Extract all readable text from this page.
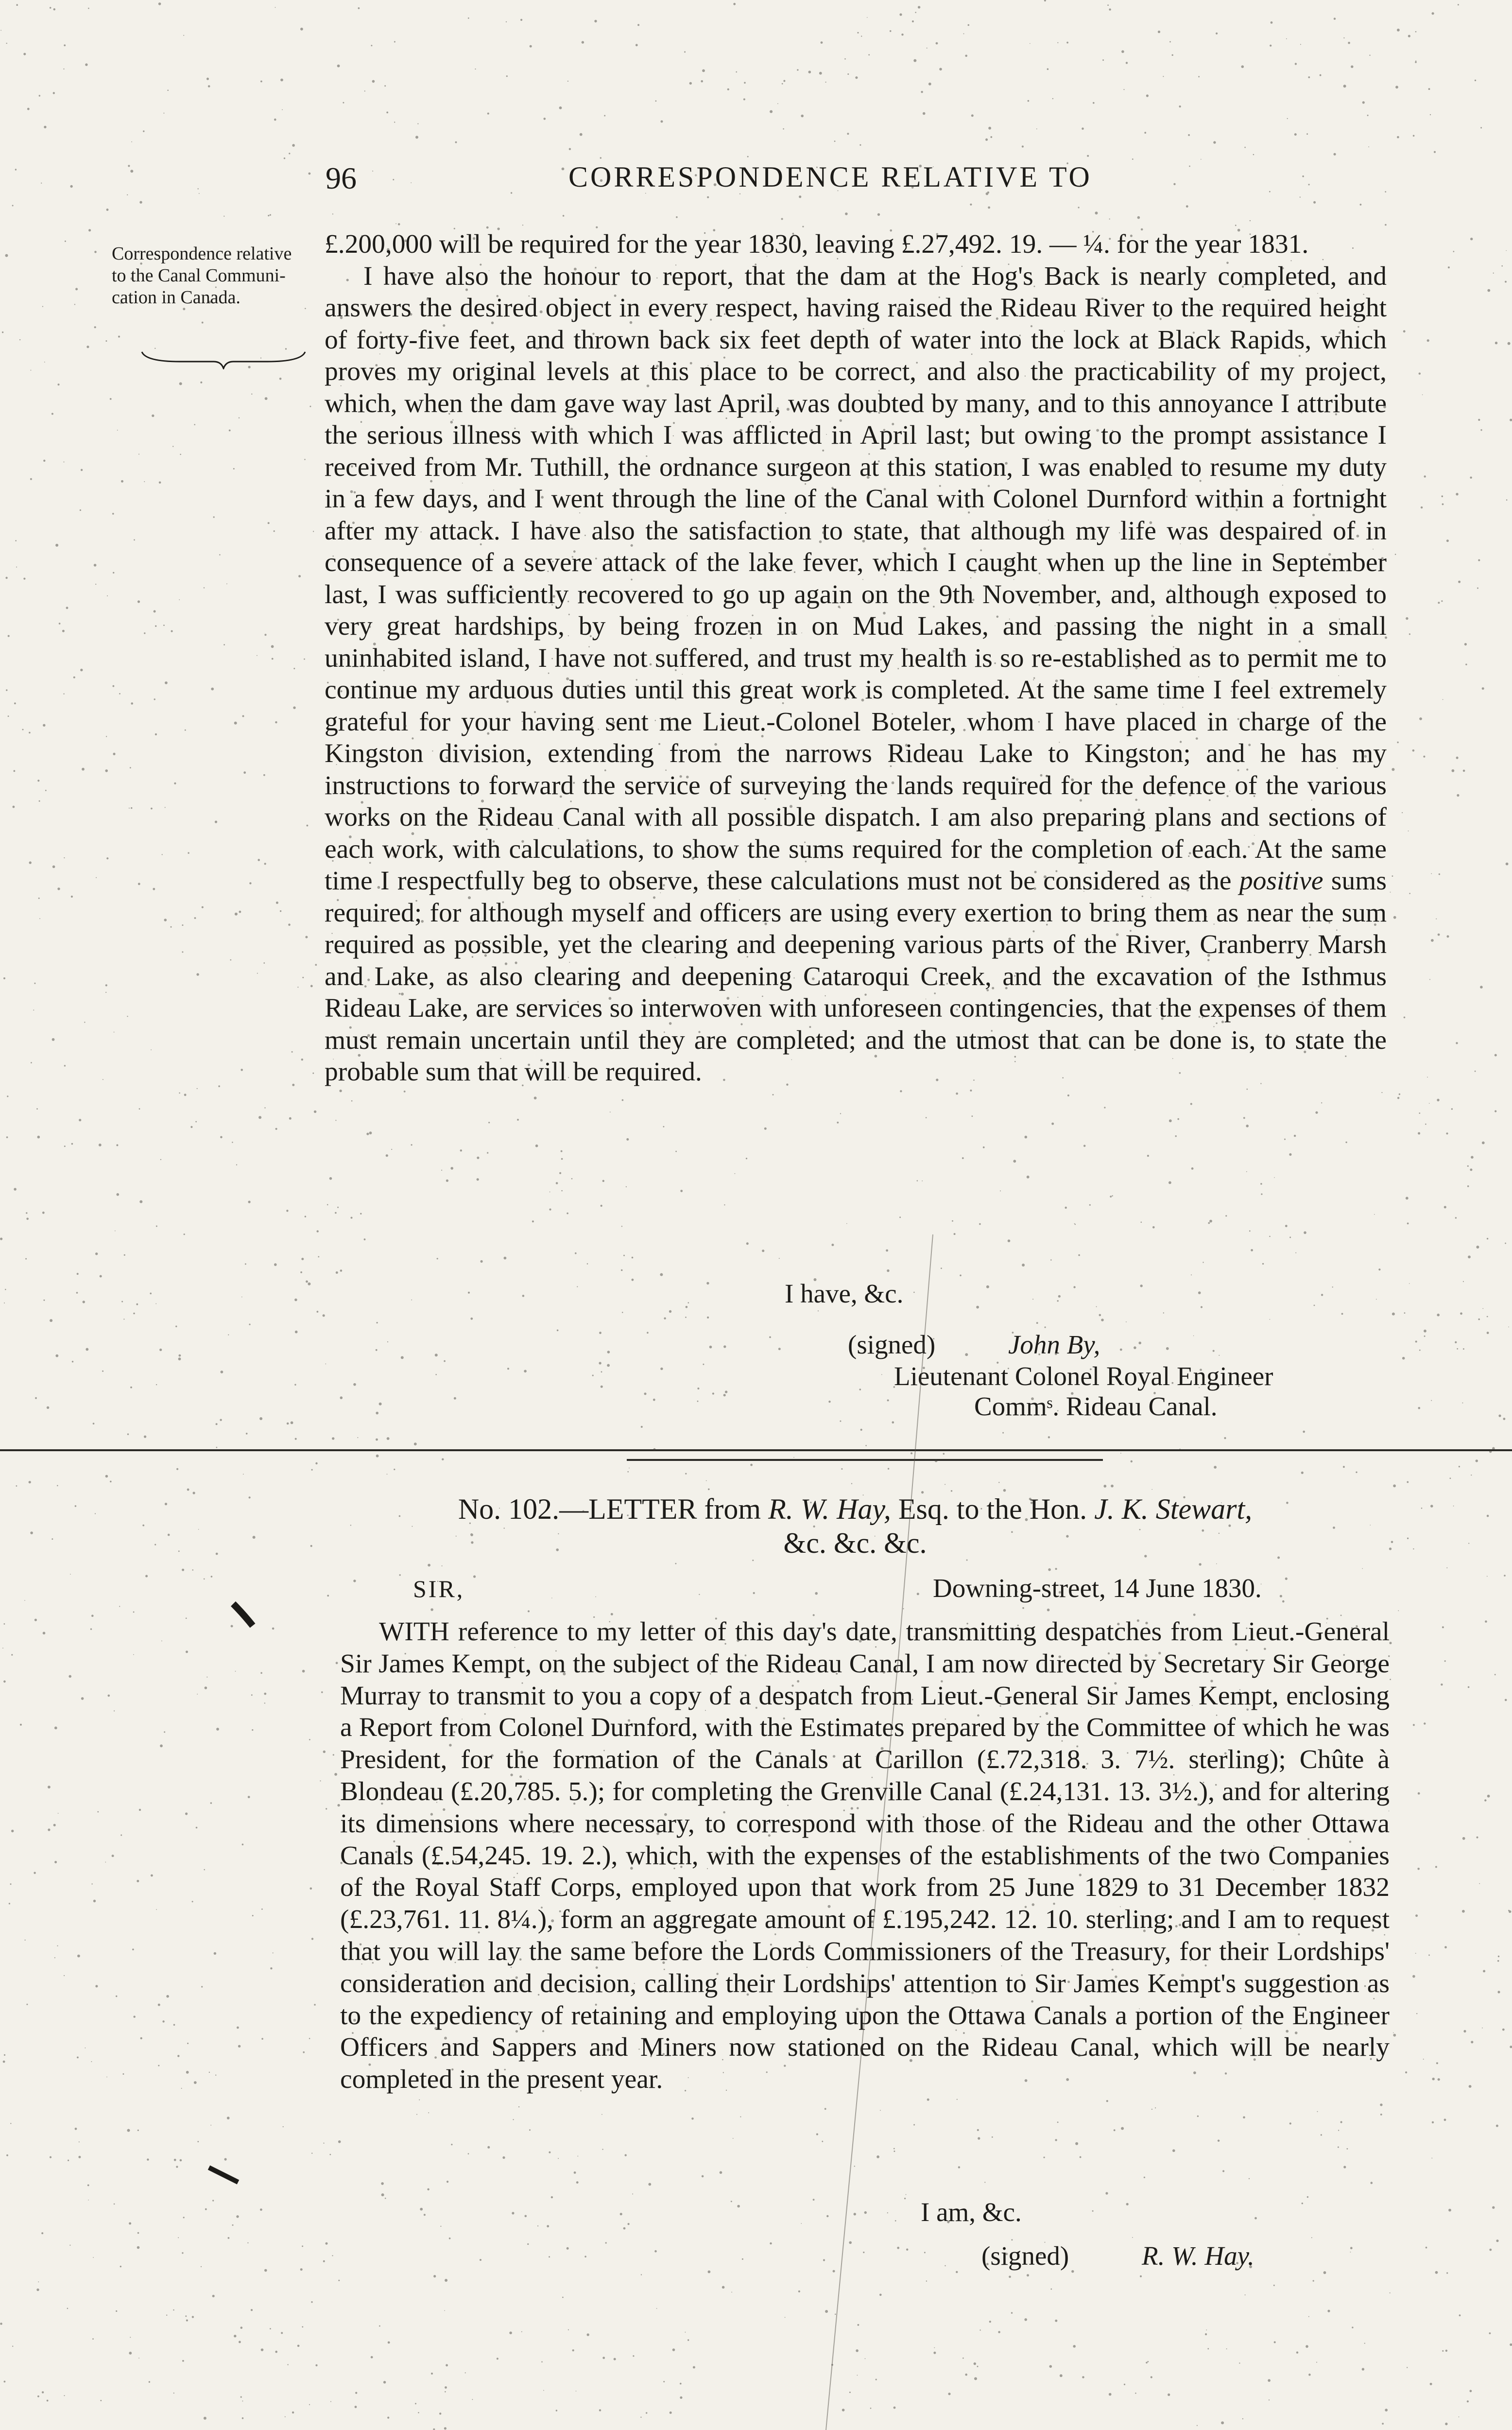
96	CORRESPONDENCE RELATIVE TO
Correspondence relative to the Canal Communi- cation in Canada.

£.200,000 will be required for the year 1830, leaving £.27,492. 19. — ¼. for the year 1831.

I have also the honour to report, that the dam at the Hog's Back is nearly completed, and answers the desired object in every respect, having raised the Rideau River to the required height of forty-five feet, and thrown back six feet depth of water into the lock at Black Rapids, which proves my original levels at this place to be correct, and also the practicability of my project, which, when the dam gave way last April, was doubted by many, and to this annoyance I attribute the serious illness with which I was afflicted in April last; but owing to the prompt assistance I received from Mr. Tuthill, the ordnance surgeon at this station, I was enabled to resume my duty in a few days, and I went through the line of the Canal with Colonel Durnford within a fortnight after my attack. I have also the satisfaction to state, that although my life was despaired of in consequence of a severe attack of the lake fever, which I caught when up the line in September last, I was sufficiently recovered to go up again on the 9th November, and, although exposed to very great hardships, by being frozen in on Mud Lakes, and passing the night in a small uninhabited island, I have not suffered, and trust my health is so re-established as to permit me to continue my arduous duties until this great work is completed. At the same time I feel extremely grateful for your having sent me Lieut.-Colonel Boteler, whom I have placed in charge of the Kingston division, extending from the narrows Rideau Lake to Kingston; and he has my instructions to forward the service of surveying the lands required for the defence of the various works on the Rideau Canal with all possible dispatch. I am also preparing plans and sections of each work, with calculations, to show the sums required for the completion of each. At the same time I respectfully beg to observe, these calculations must not be considered as the positive sums required; for although myself and officers are using every exertion to bring them as near the sum required as possible, yet the clearing and deepening various parts of the River, Cranberry Marsh and Lake, as also clearing and deepening Cataroqui Creek, and the excavation of the Isthmus Rideau Lake, are services so interwoven with unforeseen contingencies, that the expenses of them must remain uncertain until they are completed; and the utmost that can be done is, to state the probable sum that will be required.

I have, &c.
(signed)	John By,
Lieutenant Colonel Royal Engineer
Commˢ. Rideau Canal.
No. 102.—LETTER from R. W. Hay, Esq. to the Hon. J. K. Stewart,
&c. &c. &c.
SIR,	Downing-street, 14 June 1830.

WITH reference to my letter of this day's date, transmitting despatches from Lieut.-General Sir James Kempt, on the subject of the Rideau Canal, I am now directed by Secretary Sir George Murray to transmit to you a copy of a despatch from Lieut.-General Sir James Kempt, enclosing a Report from Colonel Durnford, with the Estimates prepared by the Committee of which he was President, for the formation of the Canals at Carillon (£.72,318. 3. 7½. sterling); Chûte à Blondeau (£.20,785. 5.); for completing the Grenville Canal (£.24,131. 13. 3½.), and for altering its dimensions where necessary, to correspond with those of the Rideau and the other Ottawa Canals (£.54,245. 19. 2.), which, with the expenses of the establishments of the two Companies of the Royal Staff Corps, employed upon that work from 25 June 1829 to 31 December 1832 (£.23,761. 11. 8¼.), form an aggregate amount of £.195,242. 12. 10. sterling; and I am to request that you will lay the same before the Lords Commissioners of the Treasury, for their Lordships' consideration and decision, calling their Lordships' attention to Sir James Kempt's suggestion as to the expediency of retaining and employing upon the Ottawa Canals a portion of the Engineer Officers and Sappers and Miners now stationed on the Rideau Canal, which will be nearly completed in the present year.

I am, &c.
(signed)	R. W. Hay.
